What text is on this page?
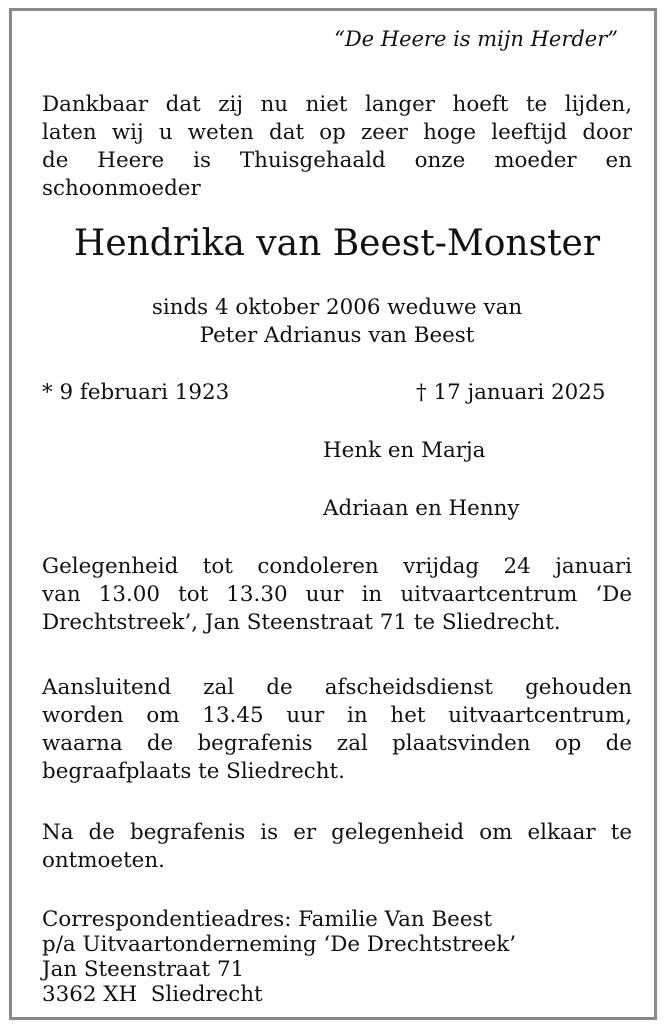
“De Heere is mijn Herder”
Dankbaar dat zij nu niet langer hoeft te lijden,
laten wij u weten dat op zeer hoge leeftijd door
de Heere is Thuisgehaald onze moeder en
schoonmoeder
Hendrika van Beest-Monster
sinds 4 oktober 2006 weduwe van
Peter Adrianus van Beest
* 9 februari 1923	† 17 januari 2025
Henk en Marja
Adriaan en Henny
Gelegenheid tot condoleren vrijdag 24 januari
van 13.00 tot 13.30 uur in uitvaartcentrum ‘De
Drechtstreek’, Jan Steenstraat 71 te Sliedrecht.
Aansluitend zal de afscheidsdienst gehouden
worden om 13.45 uur in het uitvaartcentrum,
waarna de begrafenis zal plaatsvinden op de
begraafplaats te Sliedrecht.
Na de begrafenis is er gelegenheid om elkaar te
ontmoeten.
Correspondentieadres: Familie Van Beest
p/a Uitvaartonderneming ‘De Drechtstreek’
Jan Steenstraat 71
3362 XH  Sliedrecht
